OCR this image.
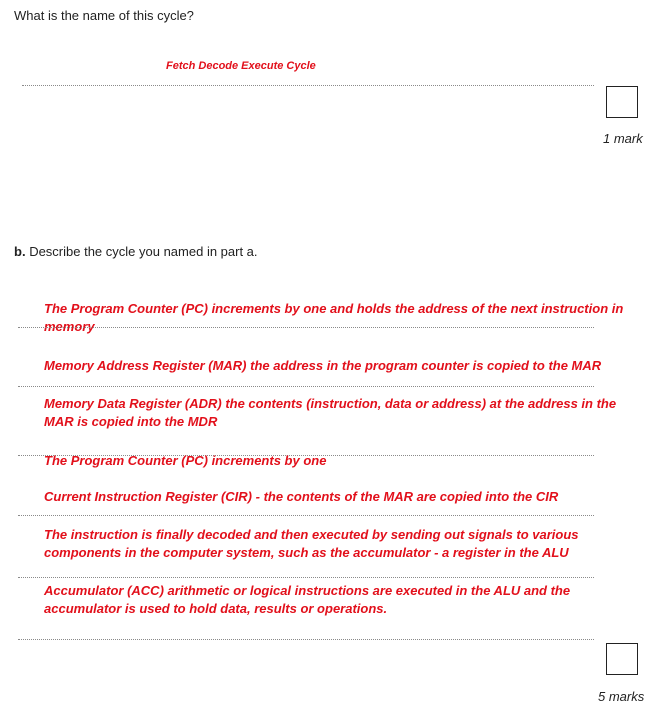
What is the name of this cycle?
Fetch Decode Execute Cycle
1 mark
b. Describe the cycle you named in part a.
The Program Counter (PC) increments by one and holds the address of the next instruction in memory
Memory Address Register (MAR) the address in the program counter is copied to the MAR
Memory Data Register (ADR) the contents (instruction, data or address) at the address in the MAR is copied into the MDR
The Program Counter (PC) increments by one
Current Instruction Register (CIR) - the contents of the MAR are copied into the CIR
The instruction is finally decoded and then executed by sending out signals to various components in the computer system, such as the accumulator - a register in the ALU
Accumulator (ACC) arithmetic or logical instructions are executed in the ALU and the accumulator is used to hold data, results or operations.
5 marks
